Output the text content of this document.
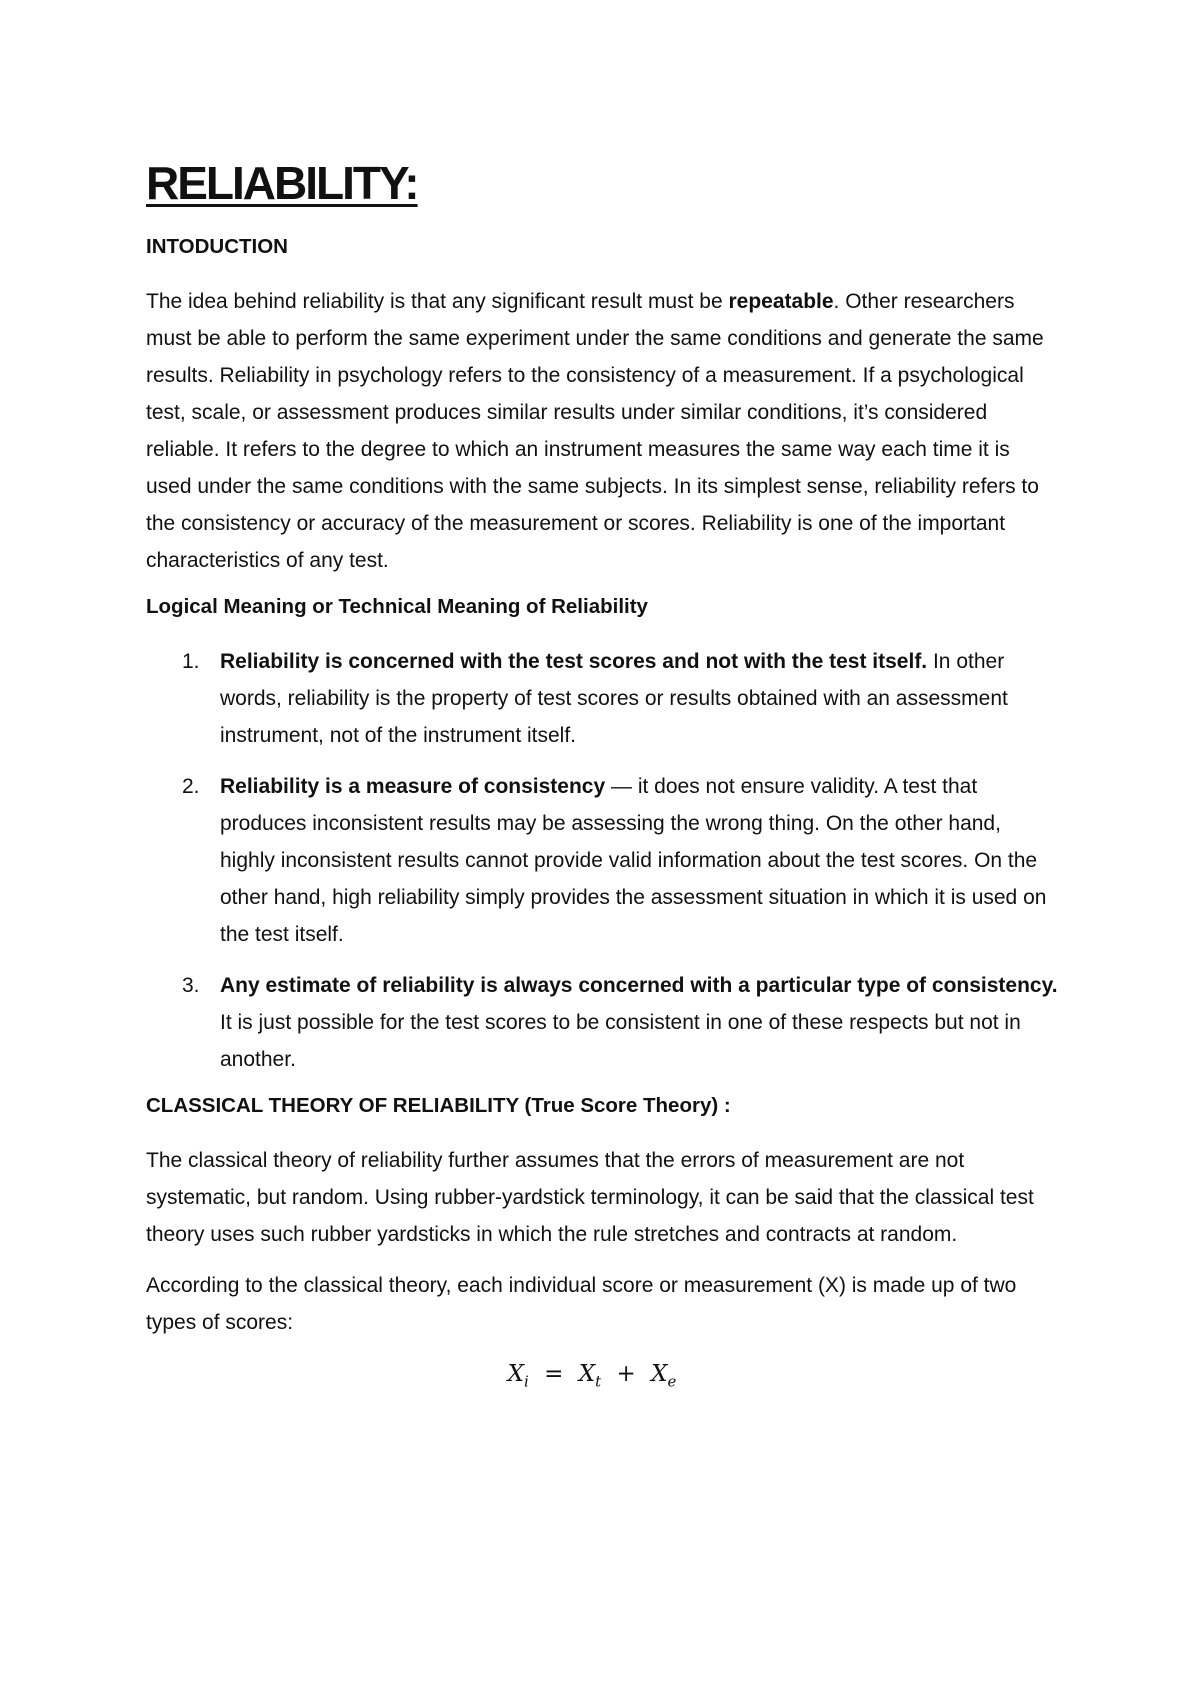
RELIABILITY:
INTODUCTION

The idea behind reliability is that any significant result must be repeatable. Other researchers must be able to perform the same experiment under the same conditions and generate the same results. Reliability in psychology refers to the consistency of a measurement. If a psychological test, scale, or assessment produces similar results under similar conditions, it’s considered reliable. It refers to the degree to which an instrument measures the same way each time it is used under the same conditions with the same subjects. In its simplest sense, reliability refers to the consistency or accuracy of the measurement or scores. Reliability is one of the important characteristics of any test.

Logical Meaning or Technical Meaning of Reliability
1. Reliability is concerned with the test scores and not with the test itself. In other words, reliability is the property of test scores or results obtained with an assessment instrument, not of the instrument itself.
2. Reliability is a measure of consistency — it does not ensure validity. A test that produces inconsistent results may be assessing the wrong thing. On the other hand, highly inconsistent results cannot provide valid information about the test scores. On the other hand, high reliability simply provides the assessment situation in which it is used on the test itself.
3. Any estimate of reliability is always concerned with a particular type of consistency. It is just possible for the test scores to be consistent in one of these respects but not in another.
CLASSICAL THEORY OF RELIABILITY (True Score Theory) :

The classical theory of reliability further assumes that the errors of measurement are not systematic, but random. Using rubber-yardstick terminology, it can be said that the classical test theory uses such rubber yardsticks in which the rule stretches and contracts at random.

According to the classical theory, each individual score or measurement (X) is made up of two types of scores:

$X_i = X_t + X_e$
